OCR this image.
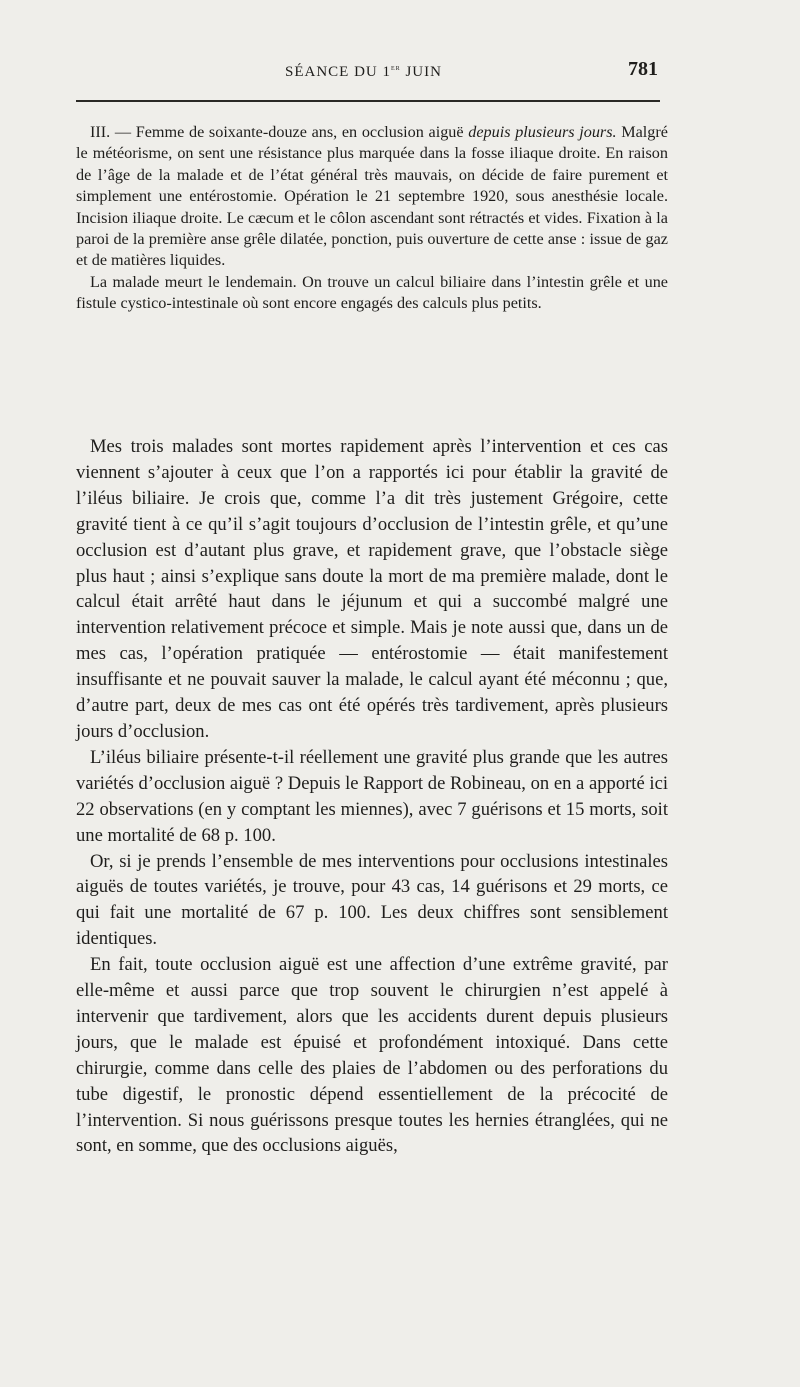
SÉANCE DU 1er JUIN	781

III. — Femme de soixante-douze ans, en occlusion aiguë depuis plusieurs jours. Malgré le météorisme, on sent une résistance plus marquée dans la fosse iliaque droite. En raison de l’âge de la malade et de l’état général très mauvais, on décide de faire purement et simplement une entérostomie. Opération le 21 septembre 1920, sous anesthésie locale. Incision iliaque droite. Le cæcum et le côlon ascendant sont rétractés et vides. Fixation à la paroi de la première anse grêle dilatée, ponction, puis ouverture de cette anse : issue de gaz et de matières liquides.

La malade meurt le lendemain. On trouve un calcul biliaire dans l’intestin grêle et une fistule cystico-intestinale où sont encore engagés des calculs plus petits.

Mes trois malades sont mortes rapidement après l’intervention et ces cas viennent s’ajouter à ceux que l’on a rapportés ici pour établir la gravité de l’iléus biliaire. Je crois que, comme l’a dit très justement Grégoire, cette gravité tient à ce qu’il s’agit toujours d’occlusion de l’intestin grêle, et qu’une occlusion est d’autant plus grave, et rapidement grave, que l’obstacle siège plus haut ; ainsi s’explique sans doute la mort de ma première malade, dont le calcul était arrêté haut dans le jéjunum et qui a succombé malgré une intervention relativement précoce et simple. Mais je note aussi que, dans un de mes cas, l’opération pratiquée — entérostomie — était manifestement insuffisante et ne pouvait sauver la malade, le calcul ayant été méconnu ; que, d’autre part, deux de mes cas ont été opérés très tardivement, après plusieurs jours d’occlusion.

L’iléus biliaire présente-t-il réellement une gravité plus grande que les autres variétés d’occlusion aiguë ? Depuis le Rapport de Robineau, on en a apporté ici 22 observations (en y comptant les miennes), avec 7 guérisons et 15 morts, soit une mortalité de 68 p. 100.

Or, si je prends l’ensemble de mes interventions pour occlusions intestinales aiguës de toutes variétés, je trouve, pour 43 cas, 14 guérisons et 29 morts, ce qui fait une mortalité de 67 p. 100. Les deux chiffres sont sensiblement identiques.

En fait, toute occlusion aiguë est une affection d’une extrême gravité, par elle-même et aussi parce que trop souvent le chirurgien n’est appelé à intervenir que tardivement, alors que les accidents durent depuis plusieurs jours, que le malade est épuisé et profondément intoxiqué. Dans cette chirurgie, comme dans celle des plaies de l’abdomen ou des perforations du tube digestif, le pronostic dépend essentiellement de la précocité de l’intervention. Si nous guérissons presque toutes les hernies étranglées, qui ne sont, en somme, que des occlusions aiguës,
